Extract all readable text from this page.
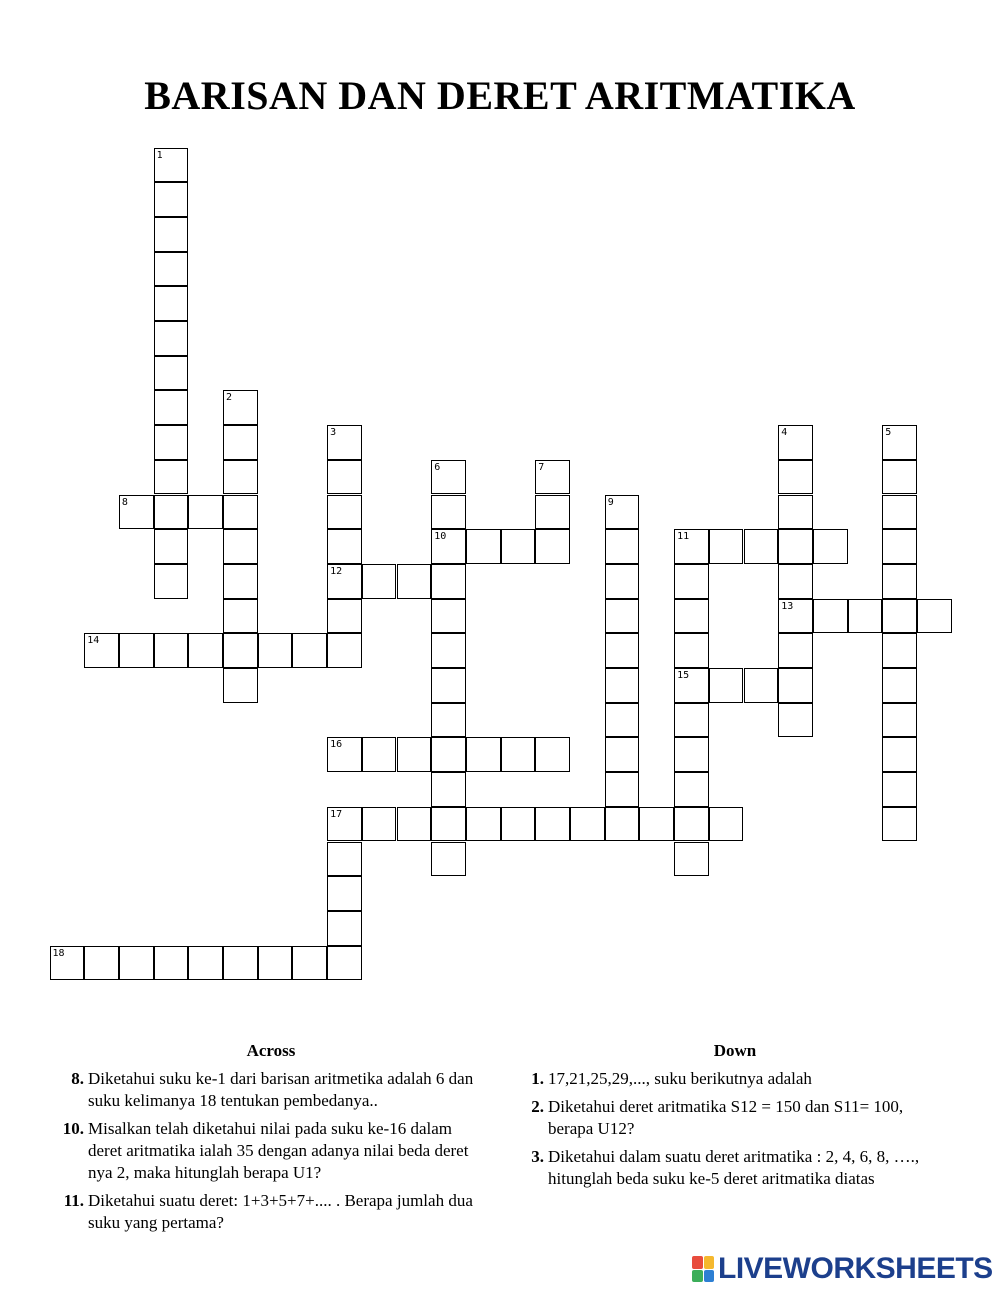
BARISAN DAN DERET ARITMATIKA
1
2
3
12
4
13
5
6
10
7
8	9
11
15
14
16
17
18
Across
8. Diketahui suku ke-1 dari barisan aritmetika adalah 6 dan suku kelimanya 18 tentukan pembedanya..
10. Misalkan telah diketahui nilai pada suku ke-16 dalam deret aritmatika ialah 35 dengan adanya nilai beda deret nya 2, maka hitunglah berapa U1?
11. Diketahui suatu deret: 1+3+5+7+.... . Berapa jumlah dua suku yang pertama?
Down
1. 17,21,25,29,..., suku berikutnya adalah
2. Diketahui deret aritmatika S12 = 150 dan S11= 100, berapa U12?
3. Diketahui dalam suatu deret aritmatika : 2, 4, 6, 8, …., hitunglah beda suku ke-5 deret aritmatika diatas
LIVEWORKSHEETS
